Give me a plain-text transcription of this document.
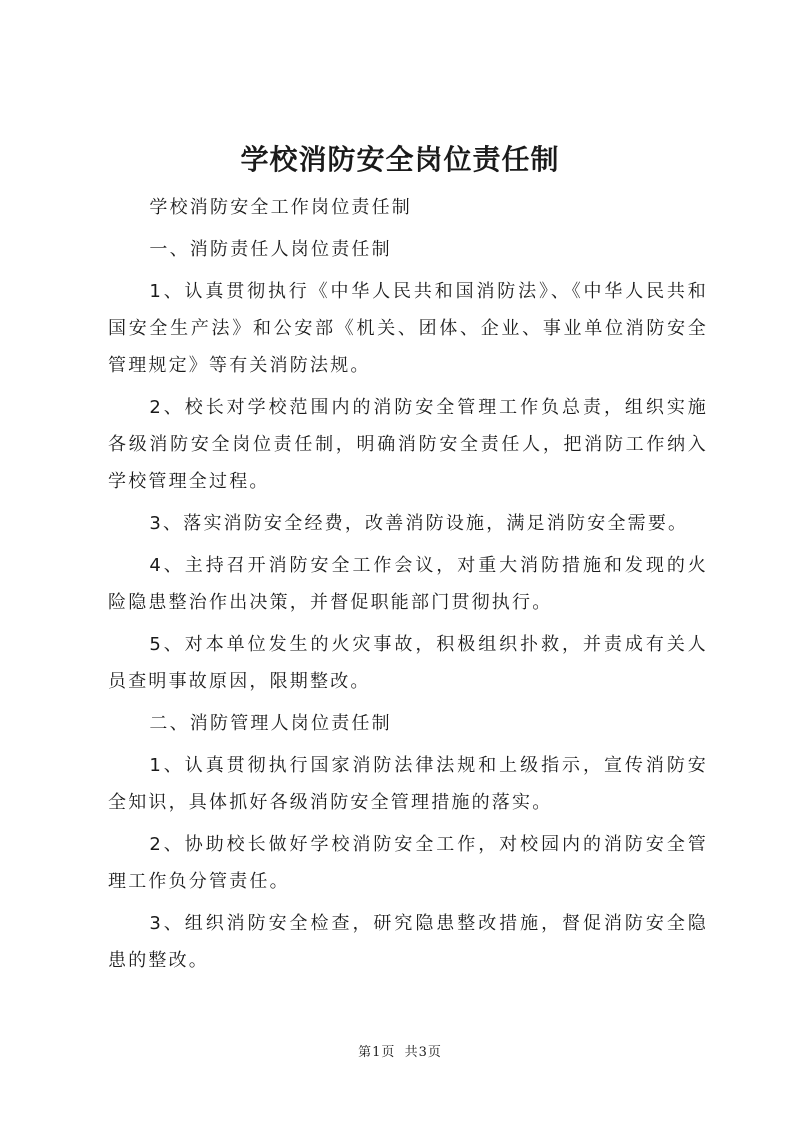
学校消防安全岗位责任制

学校消防安全工作岗位责任制

一、消防责任人岗位责任制

1、认真贯彻执行《中华人民共和国消防法》、《中华人民共和国安全生产法》和公安部《机关、团体、企业、事业单位消防安全管理规定》等有关消防法规。

2、校长对学校范围内的消防安全管理工作负总责，组织实施各级消防安全岗位责任制，明确消防安全责任人，把消防工作纳入学校管理全过程。

3、落实消防安全经费，改善消防设施，满足消防安全需要。

4、主持召开消防安全工作会议，对重大消防措施和发现的火险隐患整治作出决策，并督促职能部门贯彻执行。

5、对本单位发生的火灾事故，积极组织扑救，并责成有关人员查明事故原因，限期整改。

二、消防管理人岗位责任制

1、认真贯彻执行国家消防法律法规和上级指示，宣传消防安全知识，具体抓好各级消防安全管理措施的落实。

2、协助校长做好学校消防安全工作，对校园内的消防安全管理工作负分管责任。

3、组织消防安全检查，研究隐患整改措施，督促消防安全隐患的整改。

第1页 共3页
